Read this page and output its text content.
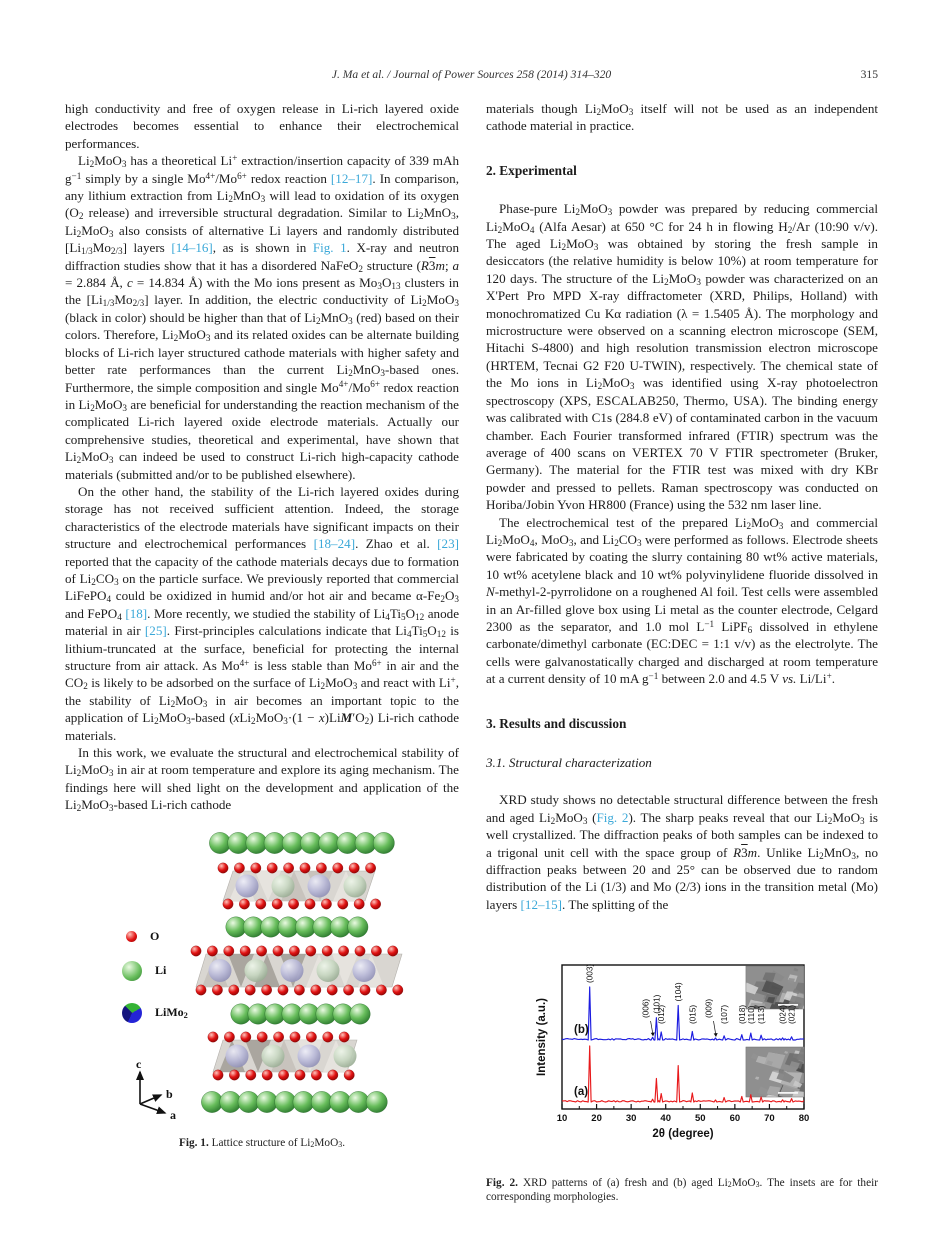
J. Ma et al. / Journal of Power Sources 258 (2014) 314–320	315

high conductivity and free of oxygen release in Li-rich layered oxide electrodes becomes essential to enhance their electrochemical performances.

$Li_2MoO_3$ has a theoretical Li+ extraction/insertion capacity of 339 mAh $g^{-1}$ simply by a single $Mo^{4+}/Mo^{6+}$ redox reaction [12–17]. In comparison, any lithium extraction from $Li_2MnO_3$ will lead to oxidation of its oxygen ($O_2$ release) and irreversible structural degradation. Similar to $Li_2MnO_3$, $Li_2MoO_3$ also consists of alternative Li layers and randomly distributed $[Li_{1/3}Mo_{2/3}]$ layers [14–16], as is shown in Fig. 1. X-ray and neutron diffraction studies show that it has a disordered NaFeO$_2$ structure (R3m; a = 2.884 Å, c = 14.834 Å) with the Mo ions present as $Mo_3O_{13}$ clusters in the $[Li_{1/3}Mo_{2/3}]$ layer. In addition, the electric conductivity of $Li_2MoO_3$ (black in color) should be higher than that of $Li_2MnO_3$ (red) based on their colors. Therefore, $Li_2MoO_3$ and its related oxides can be alternate building blocks of Li-rich layer structured cathode materials with higher safety and better rate performances than the current $Li_2MnO_3$-based ones. Furthermore, the simple composition and single $Mo^{4+}/Mo^{6+}$ redox reaction in $Li_2MoO_3$ are beneficial for understanding the reaction mechanism of the complicated Li-rich layered oxide electrode materials. Actually our comprehensive studies, theoretical and experimental, have shown that $Li_2MoO_3$ can indeed be used to construct Li-rich high-capacity cathode materials (submitted and/or to be published elsewhere).

On the other hand, the stability of the Li-rich layered oxides during storage has not received sufficient attention. Indeed, the storage characteristics of the electrode materials have significant impacts on their structure and electrochemical performances [18–24]. Zhao et al. [23] reported that the capacity of the cathode materials decays due to formation of $Li_2CO_3$ on the particle surface. We previously reported that commercial LiFePO$_4$ could be oxidized in humid and/or hot air and became $\alpha-Fe_2O_3$ and FePO$_4$ [18]. More recently, we studied the stability of $Li_4Ti_5O_{12}$ anode material in air [25]. First-principles calculations indicate that $Li_4Ti_5O_{12}$ is lithium-truncated at the surface, beneficial for protecting the internal structure from air attack. As $Mo^{4+}$ is less stable than $Mo^{6+}$ in air and the $CO_2$ is likely to be adsorbed on the surface of $Li_2MoO_3$ and react with Li+, the stability of $Li_2MoO_3$ in air becomes an important topic to the application of $Li_2MoO_3$-based $(xLi_2MoO_3\cdot(1 - x)LiM'O_2)$ Li-rich cathode materials.

In this work, we evaluate the structural and electrochemical stability of $Li_2MoO_3$ in air at room temperature and explore its aging mechanism. The findings here will shed light on the development and application of the $Li_2MoO_3$-based Li-rich cathode

c
b
a
O
Li
LiMo$_2$
Fig. 1. Lattice structure of $Li_2MoO_3$.

materials though $Li_2MoO_3$ itself will not be used as an independent cathode material in practice.

2. Experimental

Phase-pure $Li_2MoO_3$ powder was prepared by reducing commercial $Li_2MoO_4$ (Alfa Aesar) at 650 °C for 24 h in flowing $H_2/Ar$ (10:90 v/v). The aged $Li_2MoO_3$ was obtained by storing the fresh sample in desiccators (the relative humidity is below 10%) at room temperature for 120 days. The structure of the $Li_2MoO_3$ powder was characterized on an X'Pert Pro MPD X-ray diffractometer (XRD, Philips, Holland) with monochromatized Cu Kα radiation (λ = 1.5405 Å). The morphology and microstructure were observed on a scanning electron microscope (SEM, Hitachi S-4800) and high resolution transmission electron microscope (HRTEM, Tecnai G2 F20 U-TWIN), respectively. The chemical state of the Mo ions in $Li_2MoO_3$ was identified using X-ray photoelectron spectroscopy (XPS, ESCALAB250, Thermo, USA). The binding energy was calibrated with C1s (284.8 eV) of contaminated carbon in the vacuum chamber. Each Fourier transformed infrared (FTIR) spectrum was the average of 400 scans on VERTEX 70 V FTIR spectrometer (Bruker, Germany). The material for the FTIR test was mixed with dry KBr powder and pressed to pellets. Raman spectroscopy was conducted on Horiba/Jobin Yvon HR800 (France) using the 532 nm laser line.

The electrochemical test of the prepared $Li_2MoO_3$ and commercial $Li_2MoO_4$, MoO$_3$, and $Li_2CO_3$ were performed as follows. Electrode sheets were fabricated by coating the slurry containing 80 wt% active materials, 10 wt% acetylene black and 10 wt% polyvinylidene fluoride dissolved in N-methyl-2-pyrrolidone on a roughened Al foil. Test cells were assembled in an Ar-filled glove box using Li metal as the counter electrode, Celgard 2300 as the separator, and 1.0 mol $L^{-1}$ LiPF$_6$ dissolved in ethylene carbonate/dimethyl carbonate (EC:DEC = 1:1 v/v) as the electrolyte. The cells were galvanostatically charged and discharged at room temperature at a current density of 10 mA $g^{-1}$ between 2.0 and 4.5 V vs. Li/Li+.

3. Results and discussion
3.1. Structural characterization

XRD study shows no detectable structural difference between the fresh and aged $Li_2MoO_3$ (Fig. 2). The sharp peaks reveal that our $Li_2MoO_3$ is well crystallized. The diffraction peaks of both samples can be indexed to a trigonal unit cell with the space group of R3m. Unlike $Li_2MnO_3$, no diffraction peaks between 20 and 25° can be observed due to random distribution of the Li (1/3) and Mo (2/3) ions in the transition metal (Mo) layers [12–15]. The splitting of the

10	20	30	40	50	60	70	80
2θ (degree)
Intensity (a.u.) (b)
(a)
(003)
(006) (101)
(012)
(104)
(015) (009) (107) (018) (110) (113) (024) (021)
Fig. 2. XRD patterns of (a) fresh and (b) aged $Li_2MoO_3$. The insets are for their corresponding morphologies.
